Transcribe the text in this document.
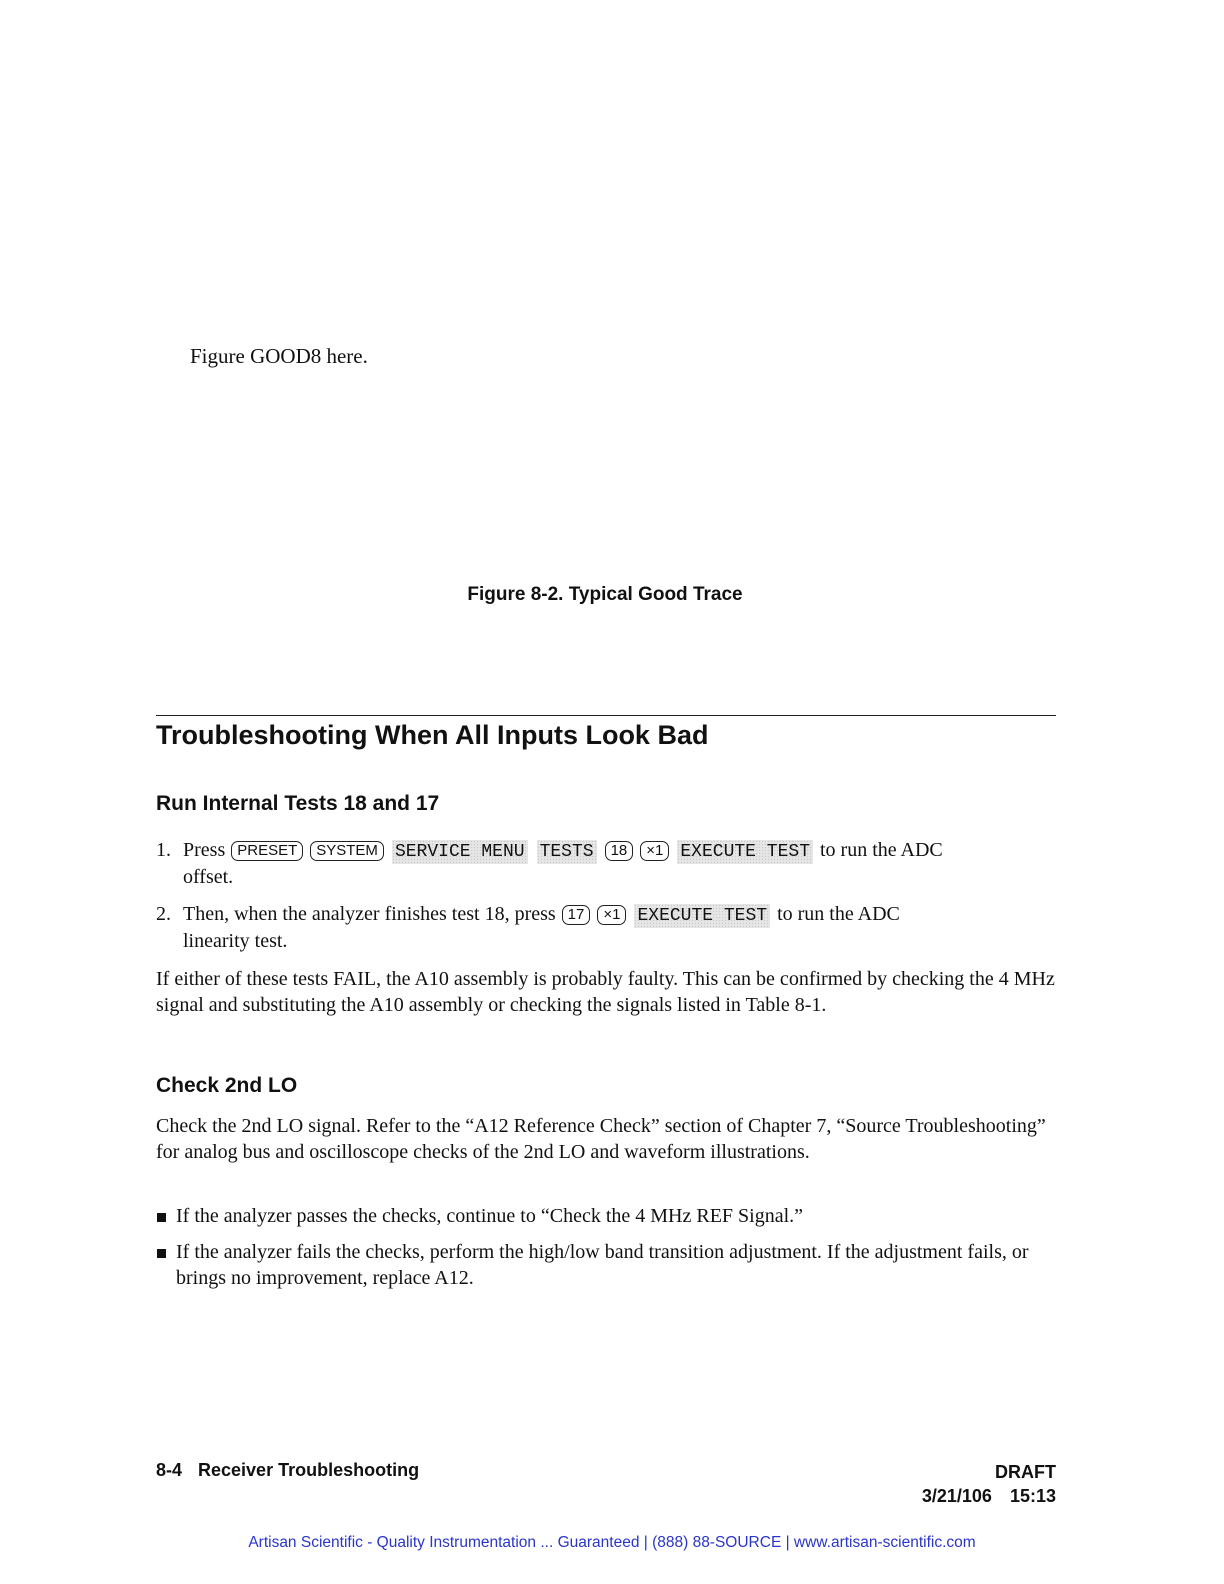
Figure GOOD8 here.
Figure 8-2. Typical Good Trace
Troubleshooting When All Inputs Look Bad
Run Internal Tests 18 and 17
1. Press PRESET SYSTEM SERVICE MENU TESTS 18 ×1 EXECUTE TEST to run the ADC
offset.
2. Then, when the analyzer finishes test 18, press 17 ×1 EXECUTE TEST to run the ADC
linearity test.

If either of these tests FAIL, the A10 assembly is probably faulty. This can be confirmed by checking the 4 MHz signal and substituting the A10 assembly or checking the signals listed in Table 8-1.

Check 2nd LO

Check the 2nd LO signal. Refer to the “A12 Reference Check” section of Chapter 7, “Source Troubleshooting” for analog bus and oscilloscope checks of the 2nd LO and waveform illustrations.

If the analyzer passes the checks, continue to “Check the 4 MHz REF Signal.”
If the analyzer fails the checks, perform the high/low band transition adjustment. If the adjustment fails, or brings no improvement, replace A12.
8-4 Receiver Troubleshooting	DRAFT
3/21/106 15:13
Artisan Scientific - Quality Instrumentation ... Guaranteed | (888) 88-SOURCE | www.artisan-scientific.com
